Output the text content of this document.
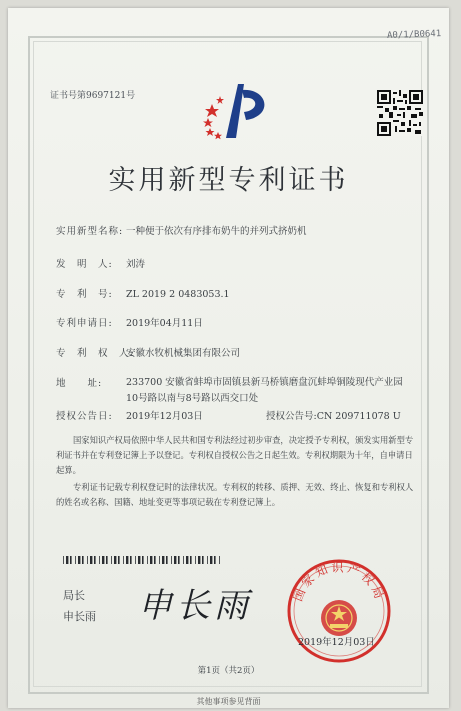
A0/1/B0641
证书号第9697121号
实用新型专利证书
实用新型名称: 一种便于依次有序排布奶牛的并列式挤奶机
发　明　人: 刘涛
专　利　号: ZL 2019 2 0483053.1
专利申请日: 2019年04月11日
专　利　权　人:安徽水牧机械集团有限公司
地　　址:	233700 安徽省蚌埠市固镇县新马桥镇磨盘沉蚌埠铜陵现代产业园10号路以南与8号路以西交口处
授权公告日: 2019年12月03日	授权公告号:CN 209711078 U
国家知识产权局依照中华人民共和国专利法经过初步审查，决定授予专利权，颁发实用新型专利证书并在专利登记簿上予以登记。专利权自授权公告之日起生效。专利权期限为十年，自申请日起算。
专利证书记载专利权登记时的法律状况。专利权的转移、质押、无效、终止、恢复和专利权人的姓名或名称、国籍、地址变更等事项记载在专利登记簿上。
局长
申长雨 申长雨	国家知识产权局
2019年12月03日
第1页（共2页）
其他事项参见背面
